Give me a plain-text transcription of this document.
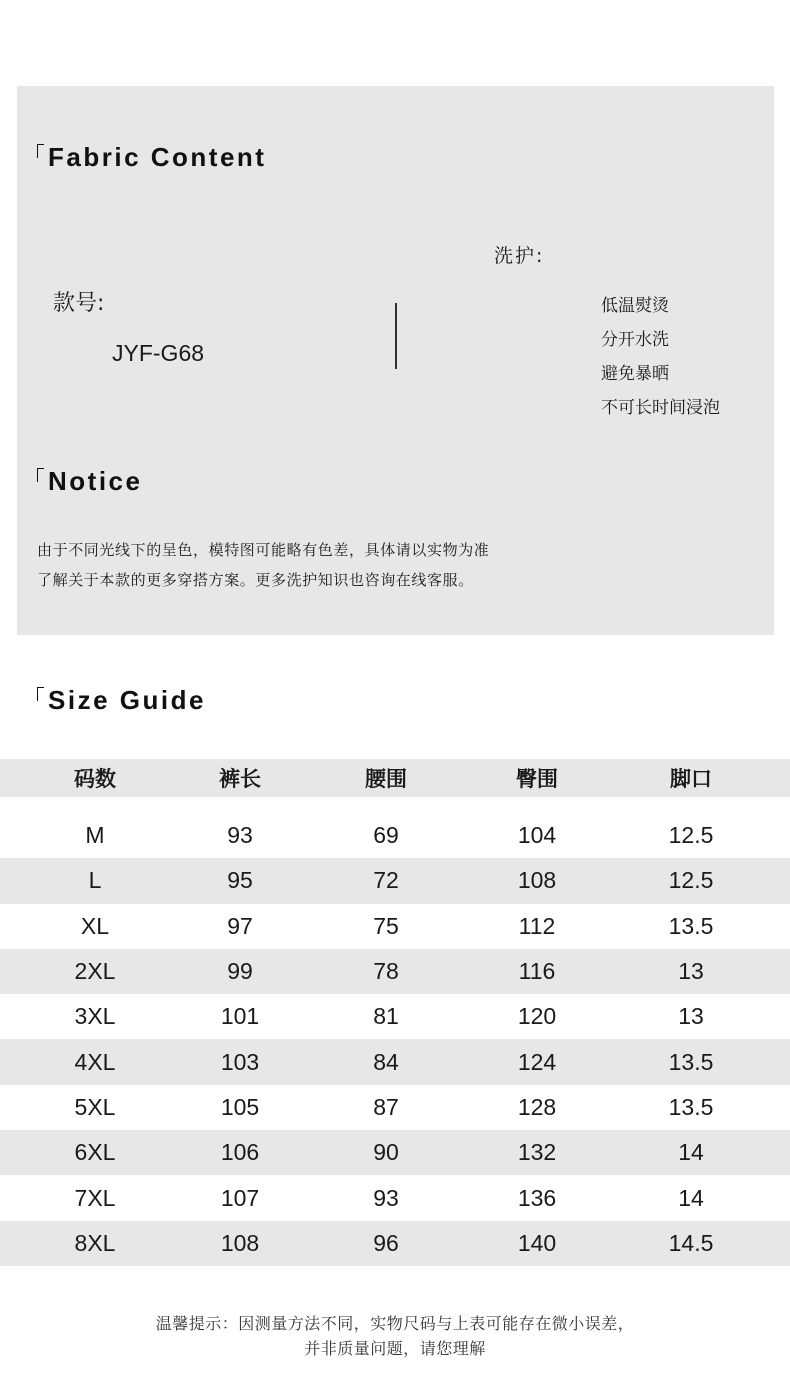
Fabric Content
洗护:
款号:
JYF-G68
低温熨烫
分开水洗
避免暴晒
不可长时间浸泡
Notice
由于不同光线下的呈色，模特图可能略有色差，具体请以实物为准
了解关于本款的更多穿搭方案。更多洗护知识也咨询在线客服。
Size Guide
码数	裤长	腰围	臀围	脚口

M	93	69	104	12.5
L	95	72	108	12.5
XL	97	75	112	13.5
2XL	99	78	116	13
3XL	101	81	120	13
4XL	103	84	124	13.5
5XL	105	87	128	13.5
6XL	106	90	132	14
7XL	107	93	136	14
8XL	108	96	140	14.5
温馨提示：因测量方法不同，实物尺码与上表可能存在微小误差，
并非质量问题，请您理解
